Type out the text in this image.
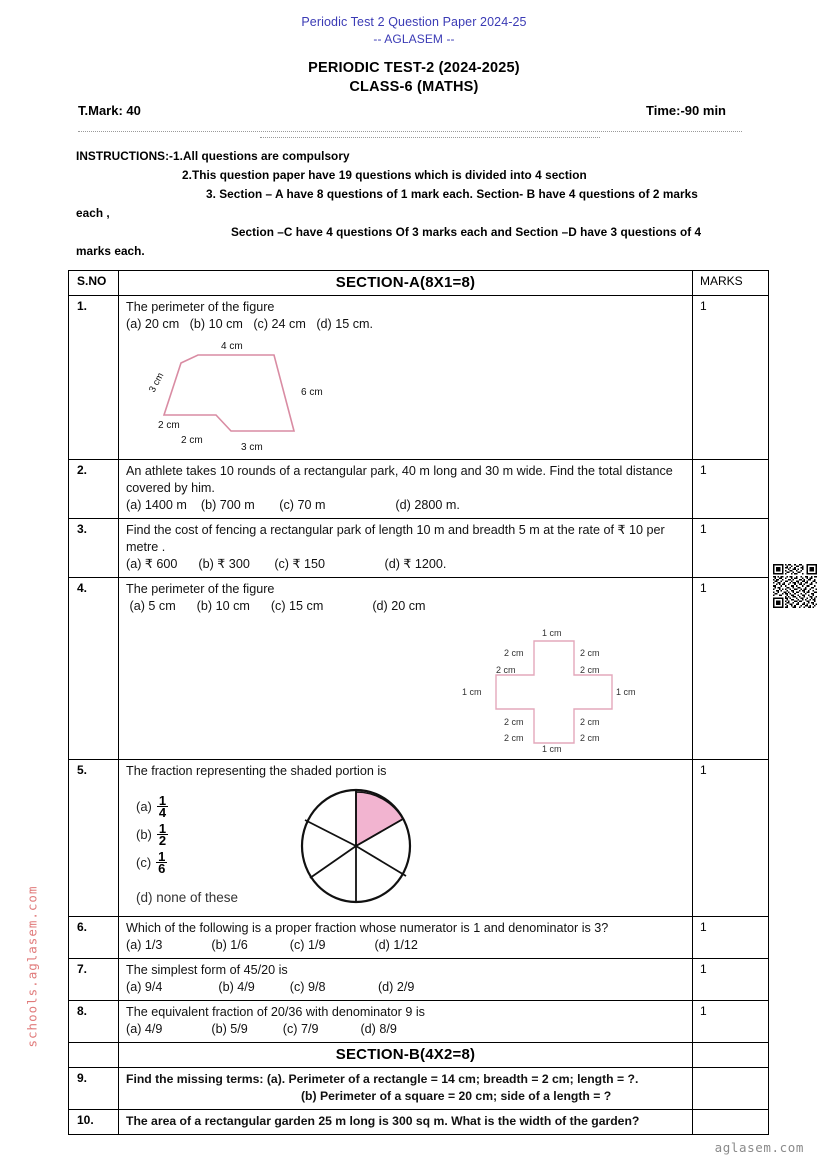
Periodic Test 2 Question Paper 2024-25
-- AGLASEM --
PERIODIC TEST-2 (2024-2025)
CLASS-6 (MATHS)
T.Mark: 40	Time:-90 min
INSTRUCTIONS:-1.All questions are compulsory
2.This question paper have 19 questions which is divided into 4 section
3. Section – A have 8 questions of 1 mark each. Section- B have 4 questions of 2 marks
each ,
Section –C have 4 questions Of 3 marks each and Section –D have 3 questions of 4
marks each.
S.NO	SECTION-A(8X1=8)	MARKS
1.	The perimeter of the figure
(a) 20 cm   (b) 10 cm   (c) 24 cm   (d) 15 cm.
4 cm
3 cm	6 cm
2 cm
2 cm
3 cm
	1
2.	An athlete takes 10 rounds of a rectangular park, 40 m long and 30 m wide. Find the total distance covered by him.
(a) 1400 m    (b) 700 m       (c) 70 m                    (d) 2800 m.	1
3.	Find the cost of fencing a rectangular park of length 10 m and breadth 5 m at the rate of ₹ 10 per metre .
(a) ₹ 600      (b) ₹ 300       (c) ₹ 150                 (d) ₹ 1200.	1
4.	The perimeter of the figure
(a) 5 cm      (b) 10 cm      (c) 15 cm              (d) 20 cm
1 cm
1 cm
1 cm	1 cm
2 cm	2 cm
2 cm	2 cm
2 cm	2 cm
2 cm	2 cm
	1
5.	The fraction representing the shaded portion is
$(a) \frac{1}{4}$
$(b) \frac{1}{2}$
$(c) \frac{1}{6}$
(d) none of these
	1
6.	Which of the following is a proper fraction whose numerator is 1 and denominator is 3?
(a) 1/3              (b) 1/6            (c) 1/9              (d) 1/12	1
7.	The simplest form of 45/20 is
(a) 9/4                (b) 4/9          (c) 9/8               (d) 2/9	1
8.	The equivalent fraction of 20/36 with denominator 9 is
(a) 4/9              (b) 5/9          (c) 7/9            (d) 8/9	1
	SECTION-B(4X2=8)	
9.	Find the missing terms: (a). Perimeter of a rectangle = 14 cm; breadth = 2 cm; length = ?.
(b) Perimeter of a square = 20 cm; side of a length = ?	

10.	The area of a rectangular garden 25 m long is 300 sq m. What is the width of the garden?	

schools.aglasem.com
aglasem.com
